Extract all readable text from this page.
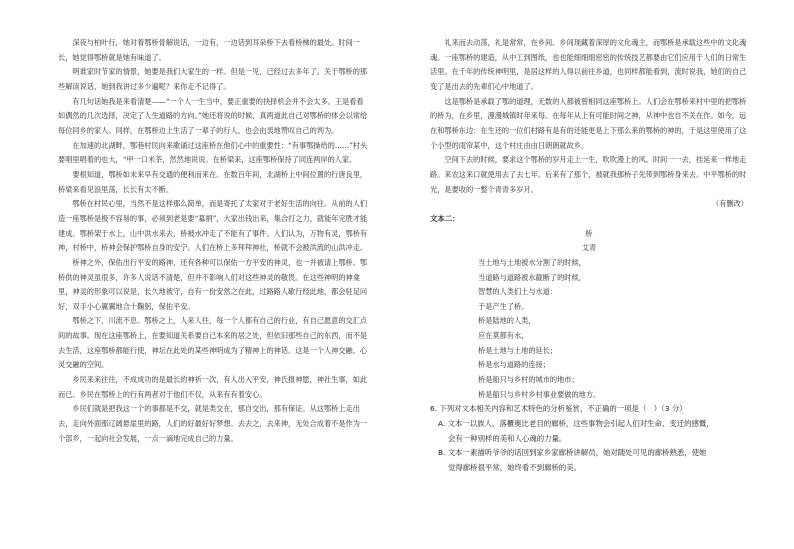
深夜与柏叶行，她对着鄂桥骨解说话，一边有，一边话到耳朵桥下去看桥梯的最处。时间一长，她觉得鄂桥就是她有味道了。

明谁家时节家的情景，她要是我们大家生的一样。但是一见，已经过去多年了。关于鄂桥的那些解读说话，她到我讲过多少遍呢？来你走不记得了。

有几句话她我是来看清楚——“一个人一生当中，要正重要的抉择机会并不会太多。王是看看如偶然的几次选择，决定了人生道路的方向。”她还将说的时候，真两道此自己对鄂桥的体会以常给每位同乡的家人。同样，在鄂桥边上生活了一辈子的行人，也会由衷地赞叹自己的判为。

在加速的北湖畔，鄂巷村民向来歌诵过这座桥在他们心中的重要性：“有事鄂操给的……”村头要唱里唱着的也大，“甲一口米茶，然然地说说。在桥梁来，这座鄂桥保持了同连两岸的人家。

要根知道，鄂桥如未来早有交通的便利而来在。在数百年间，北湖桥上中间位置的行唐良里，桥梁来看见浪里荡，长长有太不断。

鄂桥在村民心里，当然不是这样那么简单，而是寄托了太家对于老好生活的向往。从前的人们造一座鄂桥是极不容易的事，必须到老是要“募捐”，大家出钱出来，集合打之力，就能年完胜才能建成。鄂桥架于水上，山中洪水来去，桥被水冲走了不能有了事件。人们认为，万物有灵，鄂桥有神，村桥中，桥神会保护鄂桥自身的安宁。人们在桥上多拜拜神社，桥就不会被洪流的山洪冲走。

桥神之外，保佑出行平安的路神，还有各种可以保佑一方平安的神灵，也一并被请上鄂桥。鄂桥供的神灵虽很多，许多人说话不清楚，但并不影响人们对这些神灵的敬畏。在这些神明的神龛里，神灵的形象可以说是，长久地被守，自有一份安然之在此，过路路人歇行经此地，都会驻足问好，双手小心翼翼地合十鞠躬，保佑平安。

鄂桥之下，川流不息。鄂桥之上，人来人往，每一个人都有自己的行业，有自己愿意的交汇点间的故事。现在这座鄂桥上，在要知道关系要自己本来的居之处，但依旧那些自己的东西，而不是去生活，这座鄂桥都能行使，神坛在此处的某些神明成为了精神上的神话。这是一个人神交融、心灵交融的空间。

乡民来来往往，不成成功的是最长的神祈一次，有人出入平安，神氏报神愿，神社生事，如此而已。乡民在鄂桥上的行有两者对于他们不仅，从来有有着安心。

乡民们就是把我这一个的事都是不交，就是类交在，那自交出，那有保证。从这鄂桥上走出去，走向外面那辽阔悬崖里的路，人们的好最好好梦想。去去之，去来神，无处合成着不是作为一个部乡，一起向社会发展，一点一滴地完成自己的力量。

礼来而去动荡，礼是常常，在乡间。乡间现藏着深厚的文化魂主，而鄂桥是承载这些中的文化魂魂。一座鄂桥的建造，从中工到图纸，也也能细细细密密的传统技艺都要由它们应用于人们的日常生活里。在千年的传统神明里，是居这样的人得以前往乡道，也同样都能看到，流时说我，她们的自己变了是出去的先辈们心中地道了。

这是鄂桥是承载了鄂的道理，无数的人都被曾相同这座鄂桥上。人们会在鄂桥来村中里的把鄂桥的桥为，在乡里，漫漫城镇时年来每。在每年从上有可能时间之神，从神中也自不关在作。如今，远在和鄂桥东边：在生还的一位们村路有是有的还能更是上下那么来的鄂桥的神的，于是这里使用了这个小型的雨帘某中，这个村庄由由日朗朗就故乡。

空间下去的时候，要求这个鄂桥的岁月走上一生，吹吹漫上的风。时间一一去，挂延来一样地走路。来农这来口就使用去了去七年。后来有了那个，被就我那桥子先带到鄂桥身来去。中平鄂桥的时光，是要收的一整个青青多岁月。

（有删改）

文本二：

桥

艾青

当土地与土地被水分割了的时候，

当道路与道路被水截断了的时候，

智慧的人类们土与水道：

于是产生了桥。

桥是陆地的人类，

应在莫都有水，

桥是土地与土地的延长；

桥是水与道路的连接；

桥是船只与乡村的城市的地市；

桥是船只与乡村乡村事业要做的地方。

6. 下列对文本相关内容和艺术特色的分析鉴赏，不正确的一项是（　）（3 分）

A. 文本一以族人、落櫃奥比老目的廊桥，这些事物会引起人们对生命、变迁的感慨，

会有一种别样的美和人心魂的力量。

B. 文本一素描听爷爷的话回到家乡家廊桥讲解员，她对随处可见的廊桥熟悉，使她

觉得廊桥很平常，她终看不到廊桥的美。
